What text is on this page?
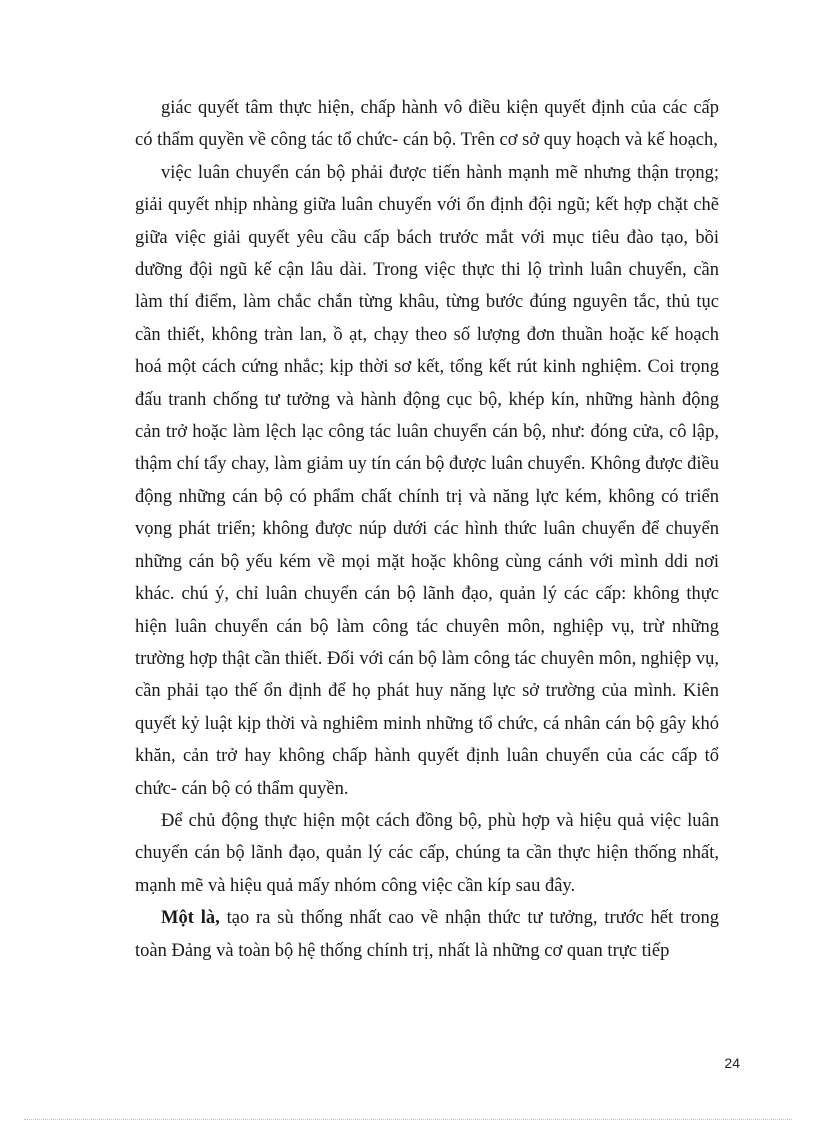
giác quyết tâm thực hiện, chấp hành vô điều kiện quyết định của các cấp có thẩm quyền về công tác tổ chức- cán bộ. Trên cơ sở quy hoạch và kế hoạch,

việc luân chuyển cán bộ phải được tiến hành mạnh mẽ nhưng thận trọng; giải quyết nhịp nhàng giữa luân chuyển với ổn định đội ngũ; kết hợp chặt chẽ giữa việc giải quyết yêu cầu cấp bách trước mắt với mục tiêu đào tạo, bồi dưỡng đội ngũ kế cận lâu dài. Trong việc thực thi lộ trình luân chuyển, cần làm thí điểm, làm chắc chắn từng khâu, từng bước đúng nguyên tắc, thủ tục cần thiết, không tràn lan, ồ ạt, chạy theo số lượng đơn thuần hoặc kế hoạch hoá một cách cứng nhắc; kịp thời sơ kết, tổng kết rút kinh nghiệm. Coi trọng đấu tranh chống tư tưởng và hành động cục bộ, khép kín, những hành động cản trở hoặc làm lệch lạc công tác luân chuyển cán bộ, như: đóng cửa, cô lập, thậm chí tẩy chay, làm giảm uy tín cán bộ được luân chuyển. Không được điều động những cán bộ có phẩm chất chính trị và năng lực kém, không có triển vọng phát triển; không được núp dưới các hình thức luân chuyển để chuyển những cán bộ yếu kém về mọi mặt hoặc không cùng cánh với mình ddi nơi khác. chú ý, chỉ luân chuyển cán bộ lãnh đạo, quản lý các cấp: không thực hiện luân chuyển cán bộ làm công tác chuyên môn, nghiệp vụ, trừ những trường hợp thật cần thiết. Đối với cán bộ làm công tác chuyên môn, nghiệp vụ, cần phải tạo thế ổn định để họ phát huy năng lực sở trường của mình. Kiên quyết kỷ luật kịp thời và nghiêm minh những tổ chức, cá nhân cán bộ gây khó khăn, cản trở hay không chấp hành quyết định luân chuyển của các cấp tổ chức- cán bộ có thẩm quyền.

Để chủ động thực hiện một cách đồng bộ, phù hợp và hiệu quả việc luân chuyển cán bộ lãnh đạo, quản lý các cấp, chúng ta cần thực hiện thống nhất, mạnh mẽ và hiệu quả mấy nhóm công việc cần kíp sau đây.

Một là, tạo ra sù thống nhất cao về nhận thức tư tưởng, trước hết trong toàn Đảng và toàn bộ hệ thống chính trị, nhất là những cơ quan trực tiếp

24
